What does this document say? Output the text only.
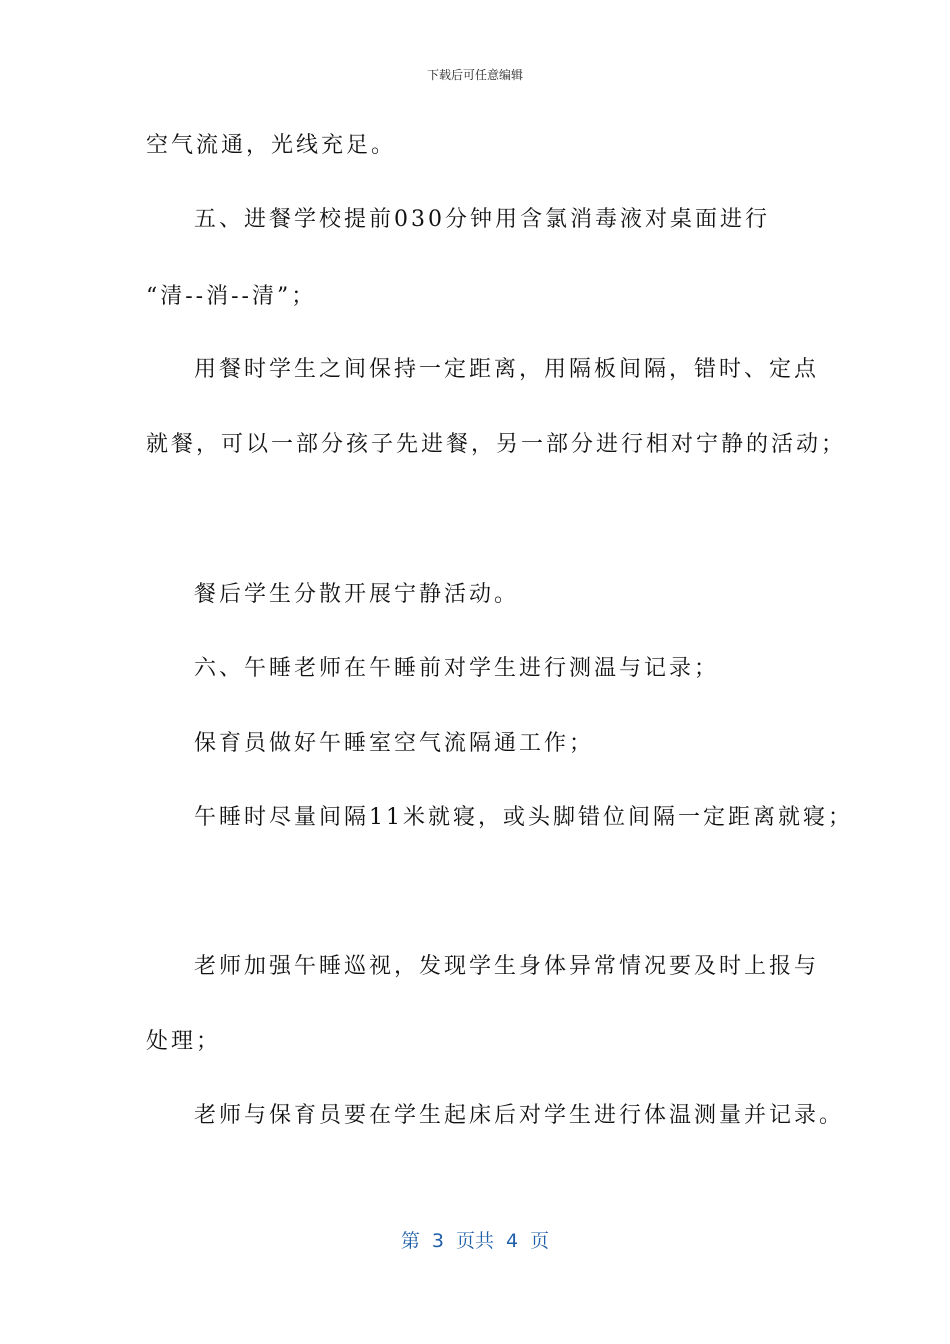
下载后可任意编辑
空气流通，光线充足。
五、进餐学校提前030分钟用含氯消毒液对桌面进行
“清--消--清”；
用餐时学生之间保持一定距离，用隔板间隔，错时、定点
就餐，可以一部分孩子先进餐，另一部分进行相对宁静的活动；
餐后学生分散开展宁静活动。
六、午睡老师在午睡前对学生进行测温与记录；
保育员做好午睡室空气流隔通工作；
午睡时尽量间隔11米就寝，或头脚错位间隔一定距离就寝；
老师加强午睡巡视，发现学生身体异常情况要及时上报与
处理；
老师与保育员要在学生起床后对学生进行体温测量并记录。
第 3 页共 4 页
